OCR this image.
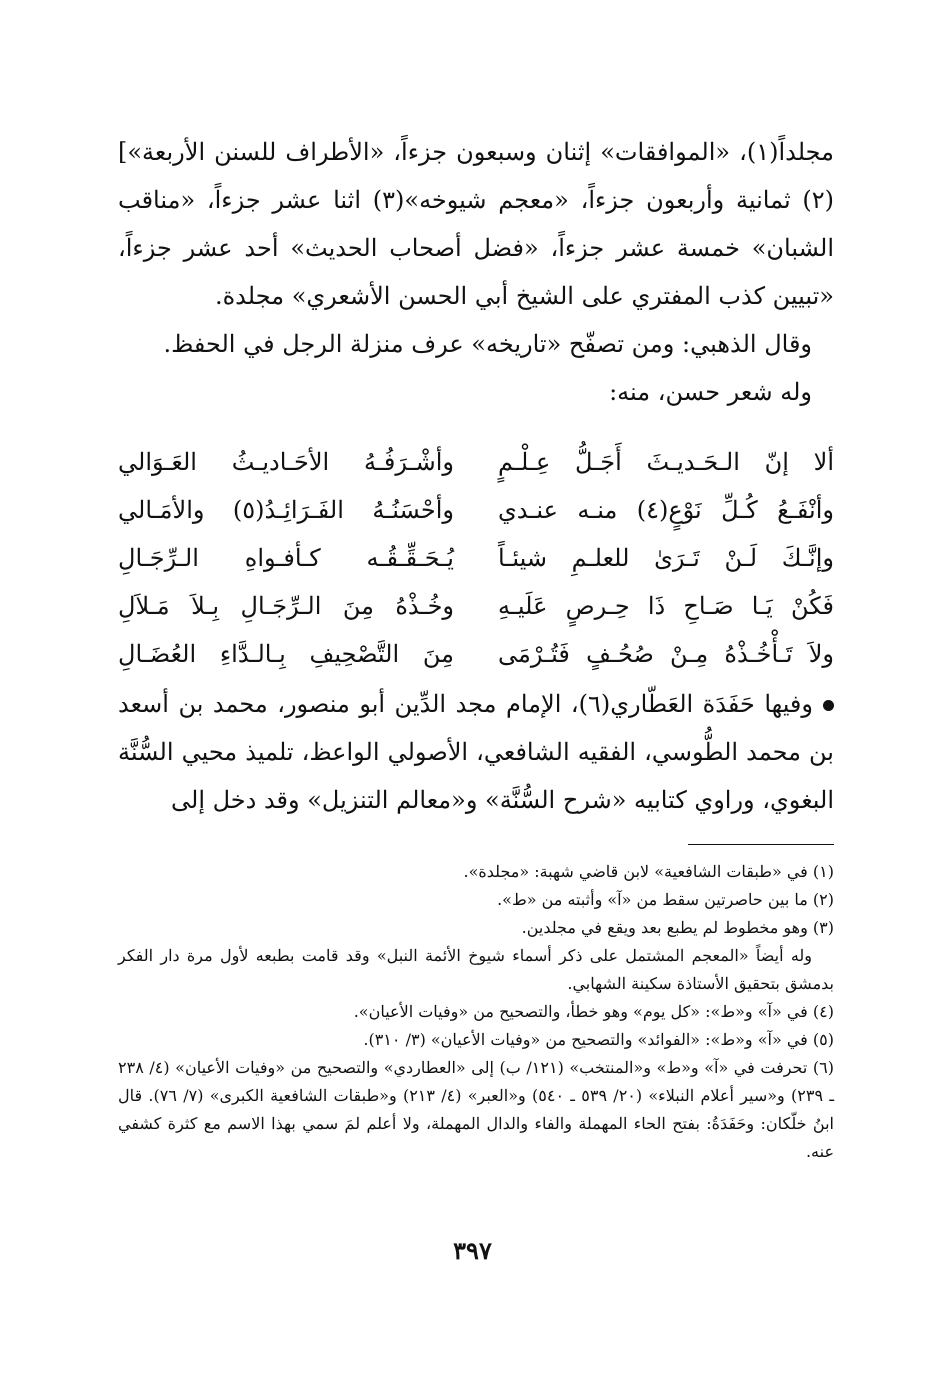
مجلداً(١)، «الموافقات» إثنان وسبعون جزءاً، «الأطراف للسنن الأربعة»](٢) ثمانية وأربعون جزءاً، «معجم شيوخه»(٣) اثنا عشر جزءاً، «مناقب الشبان» خمسة عشر جزءاً، «فضل أصحاب الحديث» أحد عشر جزءاً، «تبيين كذب المفتري على الشيخ أبي الحسن الأشعري» مجلدة.

وقال الذهبي: ومن تصفّح «تاريخه» عرف منزلة الرجل في الحفظ.

وله شعر حسن، منه:

ألا إنّ الـحَـديـثَ أَجَـلُّ عِـلْـمٍ
وأشْـرَفُـهُ الأحَـاديـثُ العَـوَالي
وأنْفَـعُ كُـلِّ نَوْعٍ(٤) منـه عنـدي
وأحْسَنُـهُ الفَـرَائِـدُ(٥) والأمَـالي
وإنَّـكَ لَـنْ تَـرَىٰ للعلـمِ شيئـاً
يُـحَـقِّـقُـه كـأفـواهِ الـرِّجَـالِ
فَكُنْ يَـا صَـاحِ ذَا حِـرصٍ عَلَيـهِ
وخُـذْهُ مِنَ الـرِّجَـالِ بِـلاَ مَـلاَلِ
ولاَ تَـأْخُـذْهُ مِـنْ صُحُـفٍ فَتُـرْمَى
مِنَ التَّصْحِيفِ بِـالـدَّاءِ العُضَـالِ
وفيها حَفَدَة العَطّاري(٦)، الإمام مجد الدِّين أبو منصور، محمد بن أسعد بن محمد الطُّوسي، الفقيه الشافعي، الأصولي الواعظ، تلميذ محيي السُّنَّة البغوي، وراوي كتابيه «شرح السُّنَّة» و«معالم التنزيل» وقد دخل إلى

(١) في «طبقات الشافعية» لابن قاضي شهبة: «مجلدة».

(٢) ما بين حاصرتين سقط من «آ» وأثبته من «ط».

(٣) وهو مخطوط لم يطبع بعد ويقع في مجلدين.

وله أيضاً «المعجم المشتمل على ذكر أسماء شيوخ الأئمة النبل» وقد قامت بطبعه لأول مرة دار الفكر بدمشق بتحقيق الأستاذة سكينة الشهابي.

(٤) في «آ» و«ط»: «كل يوم» وهو خطأ، والتصحيح من «وفيات الأعيان».

(٥) في «آ» و«ط»: «الفوائد» والتصحيح من «وفيات الأعيان» (٣/ ٣١٠).

(٦) تحرفت في «آ» و«ط» و«المنتخب» (١٢١/ ب) إلى «العطاردي» والتصحيح من «وفيات الأعيان» (٤/ ٢٣٨ ـ ٢٣٩) و«سير أعلام النبلاء» (٢٠/ ٥٣٩ ـ ٥٤٠) و«العبر» (٤/ ٢١٣) و«طبقات الشافعية الكبرى» (٧/ ٧٦). قال ابنُ خلّكان: وحَفَدَةُ: بفتح الحاء المهملة والفاء والدال المهملة، ولا أعلم لمَ سمي بهذا الاسم مع كثرة كشفي عنه.

٣٩٧
